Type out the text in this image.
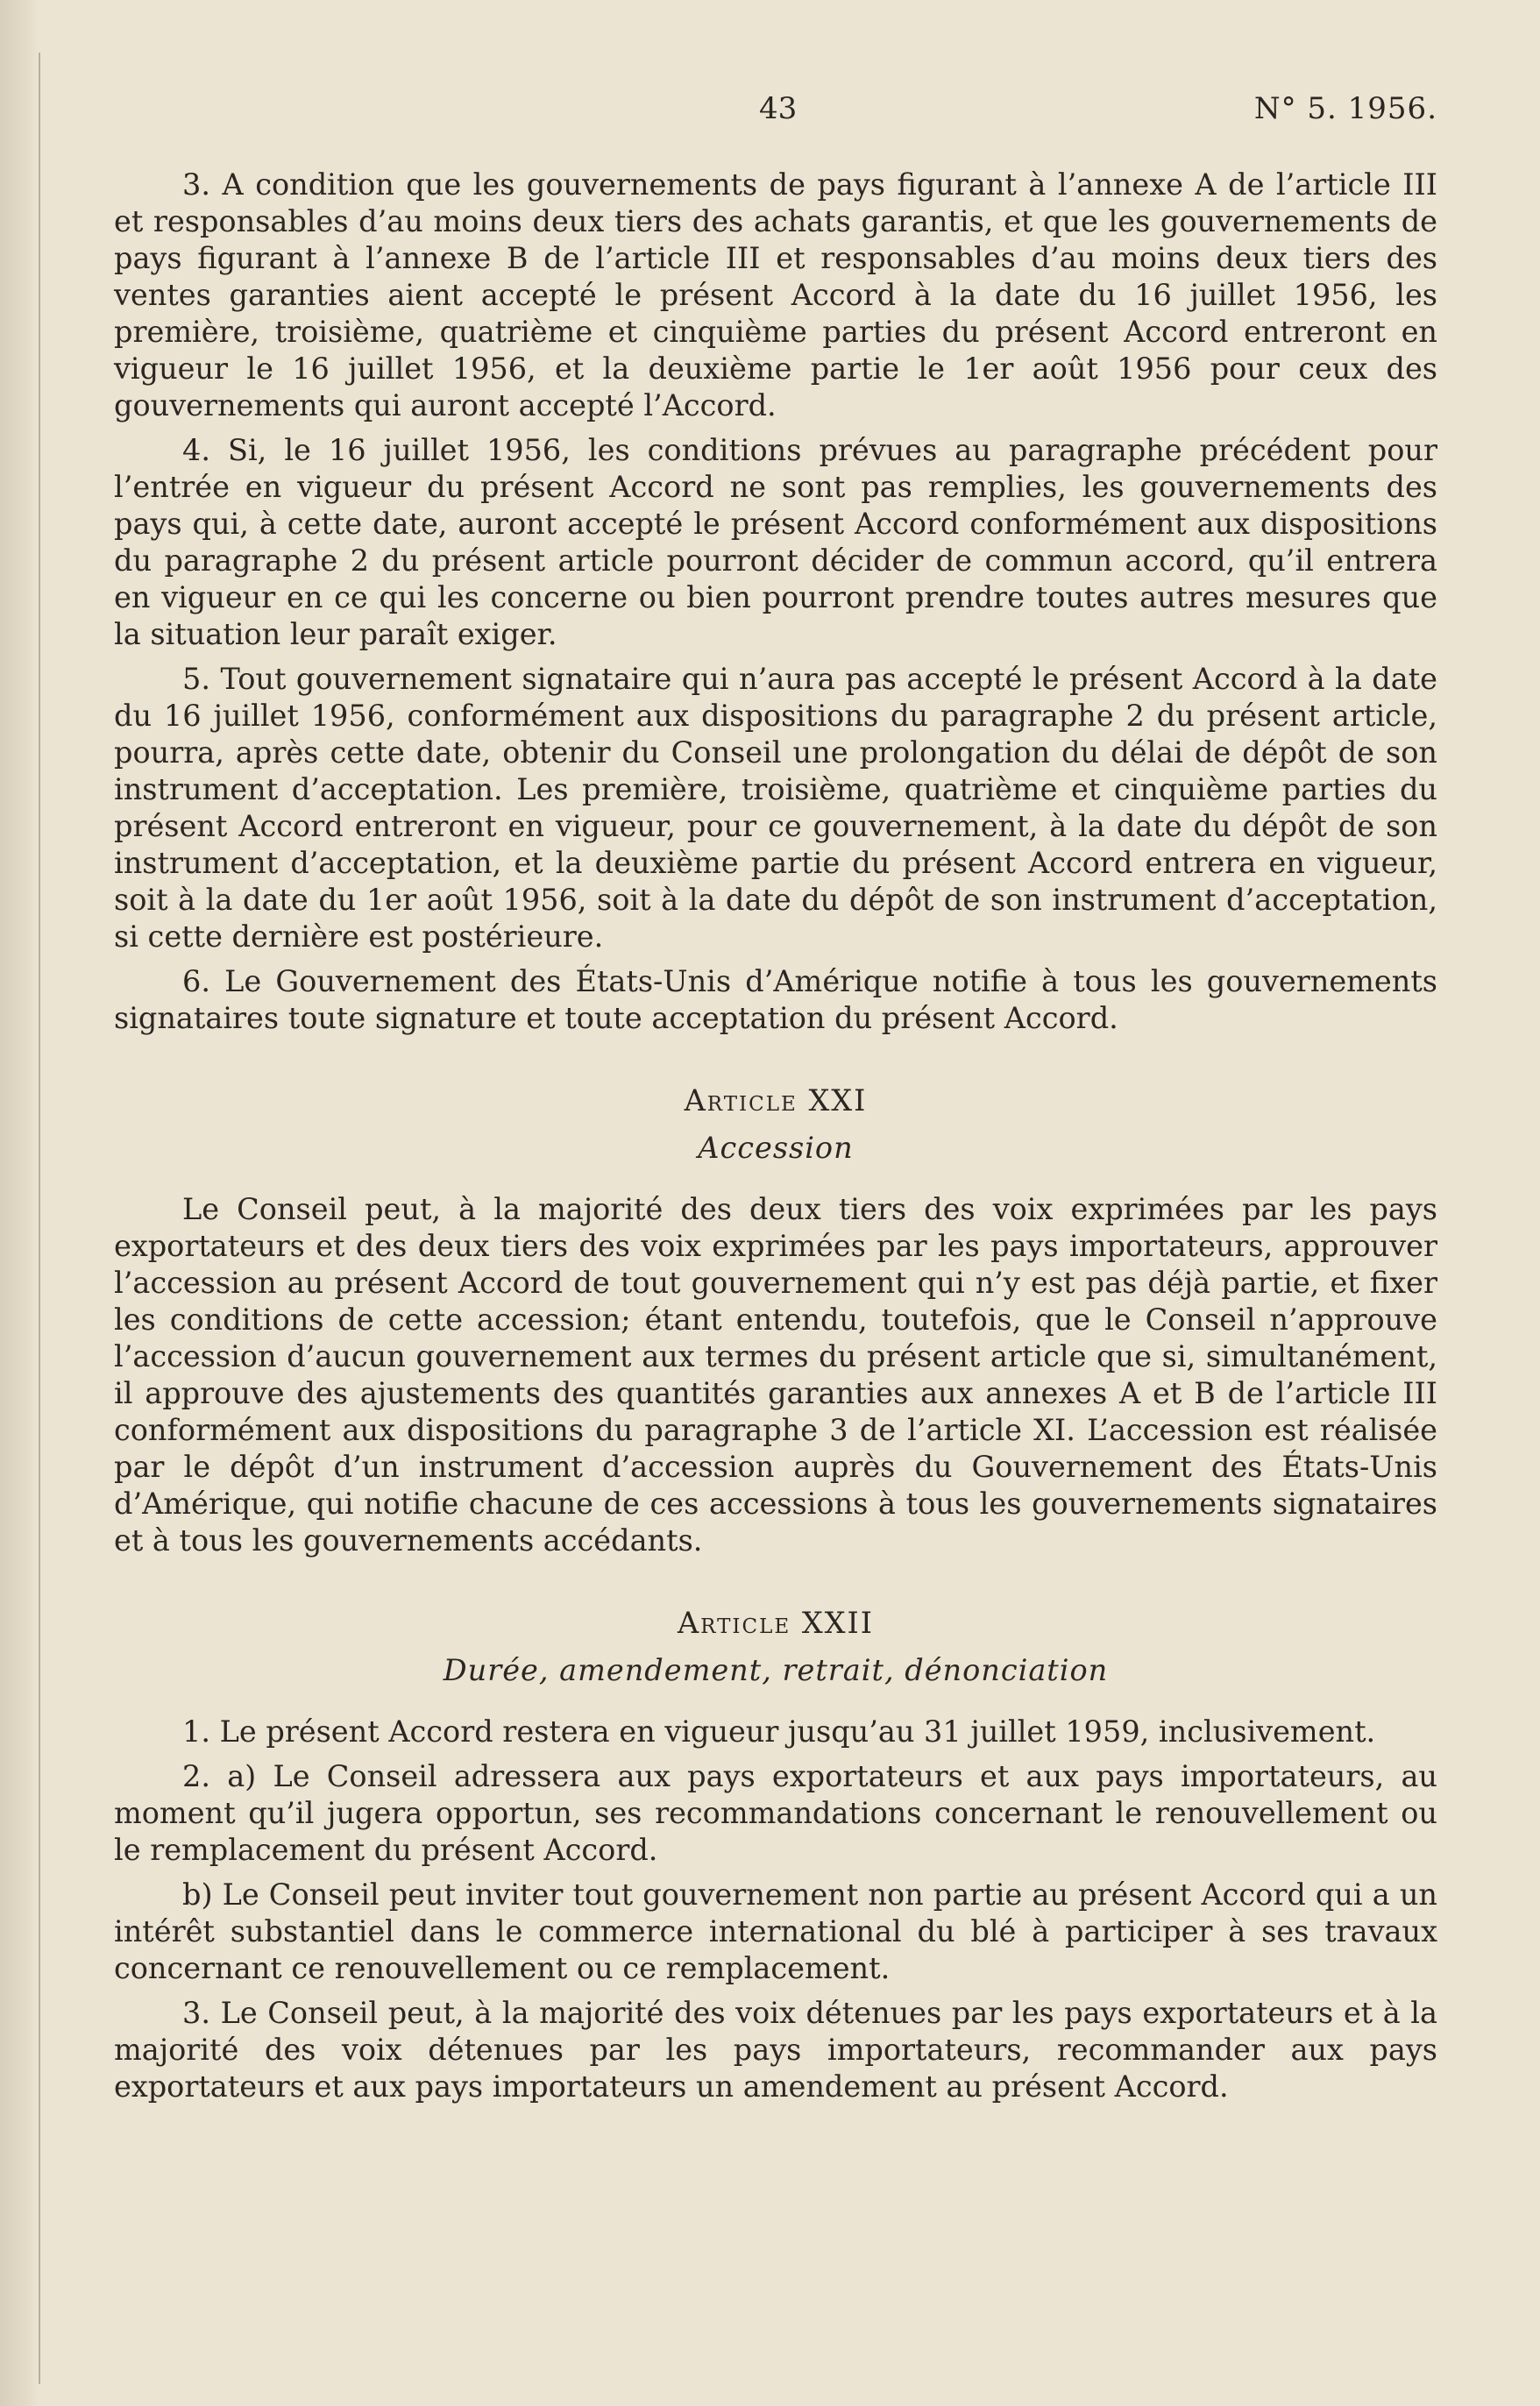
43	N° 5. 1956.

3. A condition que les gouvernements de pays figurant à l’annexe A de l’article III et responsables d’au moins deux tiers des achats garantis, et que les gouvernements de pays figurant à l’annexe B de l’article III et responsables d’au moins deux tiers des ventes garanties aient accepté le présent Accord à la date du 16 juillet 1956, les première, troisième, quatrième et cinquième parties du présent Accord entreront en vigueur le 16 juillet 1956, et la deuxième partie le 1er août 1956 pour ceux des gouvernements qui auront accepté l’Accord.

4. Si, le 16 juillet 1956, les conditions prévues au paragraphe précédent pour l’entrée en vigueur du présent Accord ne sont pas remplies, les gouvernements des pays qui, à cette date, auront accepté le présent Accord conformément aux dispositions du paragraphe 2 du présent article pourront décider de commun accord, qu’il entrera en vigueur en ce qui les concerne ou bien pourront prendre toutes autres mesures que la situation leur paraît exiger.

5. Tout gouvernement signataire qui n’aura pas accepté le présent Accord à la date du 16 juillet 1956, conformément aux dispositions du paragraphe 2 du présent article, pourra, après cette date, obtenir du Conseil une prolongation du délai de dépôt de son instrument d’acceptation. Les première, troisième, quatrième et cinquième parties du présent Accord entreront en vigueur, pour ce gouvernement, à la date du dépôt de son instrument d’acceptation, et la deuxième partie du présent Accord entrera en vigueur, soit à la date du 1er août 1956, soit à la date du dépôt de son instrument d’acceptation, si cette dernière est postérieure.

6. Le Gouvernement des États-Unis d’Amérique notifie à tous les gouvernements signataires toute signature et toute acceptation du présent Accord.

Article XXI
Accession

Le Conseil peut, à la majorité des deux tiers des voix exprimées par les pays exportateurs et des deux tiers des voix exprimées par les pays importateurs, approuver l’accession au présent Accord de tout gouvernement qui n’y est pas déjà partie, et fixer les conditions de cette accession; étant entendu, toutefois, que le Conseil n’approuve l’accession d’aucun gouvernement aux termes du présent article que si, simultanément, il approuve des ajustements des quantités garanties aux annexes A et B de l’article III conformément aux dispositions du paragraphe 3 de l’article XI. L’accession est réalisée par le dépôt d’un instrument d’accession auprès du Gouvernement des États-Unis d’Amérique, qui notifie chacune de ces accessions à tous les gouvernements signataires et à tous les gouvernements accédants.

Article XXII
Durée, amendement, retrait, dénonciation

1. Le présent Accord restera en vigueur jusqu’au 31 juillet 1959, inclusivement.

2. a) Le Conseil adressera aux pays exportateurs et aux pays importateurs, au moment qu’il jugera opportun, ses recommandations concernant le renouvellement ou le remplacement du présent Accord.

b) Le Conseil peut inviter tout gouvernement non partie au présent Accord qui a un intérêt substantiel dans le commerce international du blé à participer à ses travaux concernant ce renouvellement ou ce remplacement.

3. Le Conseil peut, à la majorité des voix détenues par les pays exportateurs et à la majorité des voix détenues par les pays importateurs, recommander aux pays exportateurs et aux pays importateurs un amendement au présent Accord.
